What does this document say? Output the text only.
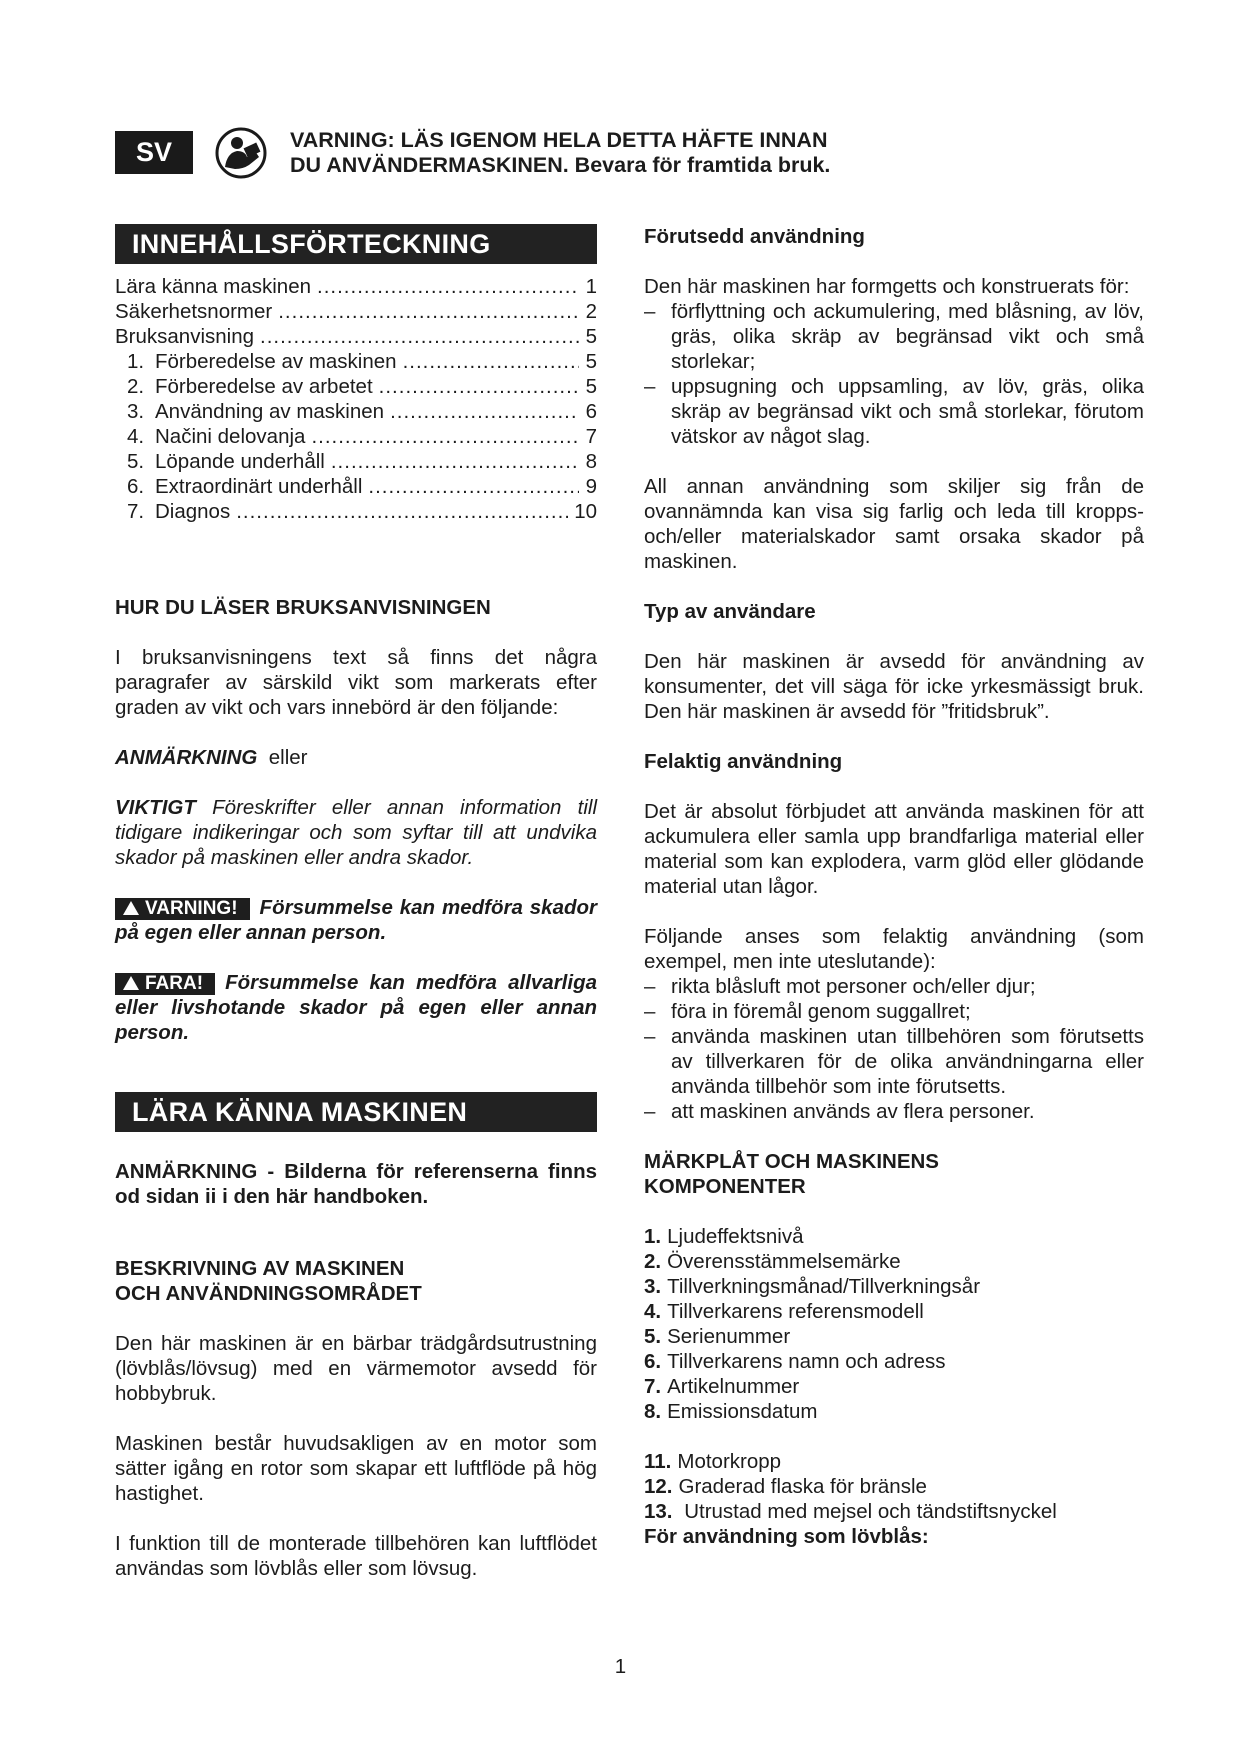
SV	VARNING: LÄS IGENOM HELA DETTA HÄFTE INNAN
DU ANVÄNDERMASKINEN. Bevara för framtida bruk.
INNEHÅLLSFÖRTECKNING
Lära känna maskinen .....	1
Säkerhetsnormer .....	2
Bruksanvisning .....	5
1. Förberedelse av maskinen .....	5
2. Förberedelse av arbetet .....	5
3. Användning av maskinen .....	6
4. Načini delovanja .....	7
5. Löpande underhåll .....	8
6. Extraordinärt underhåll .....	9
7. Diagnos .....	10
HUR DU LÄSER BRUKSANVISNINGEN

I bruksanvisningens text så finns det några paragrafer av särskild vikt som markerats efter graden av vikt och vars innebörd är den följande:

ANMÄRKNING eller

VIKTIGT Föreskrifter eller annan information till tidigare indikeringar och som syftar till att undvika skador på maskinen eller andra skador.

VARNING! Försummelse kan medföra skador på egen eller annan person.

FARA! Försummelse kan medföra allvarliga eller livshotande skador på egen eller annan person.

LÄRA KÄNNA MASKINEN

ANMÄRKNING - Bilderna för referenserna finns od sidan ii i den här handboken.

BESKRIVNING AV MASKINEN
OCH ANVÄNDNINGSOMRÅDET

Den här maskinen är en bärbar trädgårdsutrustning (lövblås/lövsug) med en värmemotor avsedd för hobbybruk.

Maskinen består huvudsakligen av en motor som sätter igång en rotor som skapar ett luftflöde på hög hastighet.

I funktion till de monterade tillbehören kan luftflödet användas som lövblås eller som lövsug.

Förutsedd användning

Den här maskinen har formgetts och konstruerats för:

– förflyttning och ackumulering, med blåsning, av löv, gräs, olika skräp av begränsad vikt och små storlekar;
– uppsugning och uppsamling, av löv, gräs, olika skräp av begränsad vikt och små storlekar, förutom vätskor av något slag.

All annan användning som skiljer sig från de ovannämnda kan visa sig farlig och leda till kropps- och/eller materialskador samt orsaka skador på maskinen.

Typ av användare

Den här maskinen är avsedd för användning av konsumenter, det vill säga för icke yrkesmässigt bruk. Den här maskinen är avsedd för ”fritidsbruk”.

Felaktig användning

Det är absolut förbjudet att använda maskinen för att ackumulera eller samla upp brandfarliga material eller material som kan explodera, varm glöd eller glödande material utan lågor.

Följande anses som felaktig användning (som exempel, men inte uteslutande):

– rikta blåsluft mot personer och/eller djur;
– föra in föremål genom suggallret;
– använda maskinen utan tillbehören som förutsetts av tillverkaren för de olika användningarna eller använda tillbehör som inte förutsetts.
– att maskinen används av flera personer.
MÄRKPLÅT OCH MASKINENS
KOMPONENTER
1. Ljudeffektsnivå
2. Överensstämmelsemärke
3. Tillverkningsmånad/Tillverkningsår
4. Tillverkarens referensmodell
5. Serienummer
6. Tillverkarens namn och adress
7. Artikelnummer
8. Emissionsdatum
11. Motorkropp
12. Graderad flaska för bränsle
13. Utrustad med mejsel och tändstiftsnyckel
För användning som lövblås:
1
